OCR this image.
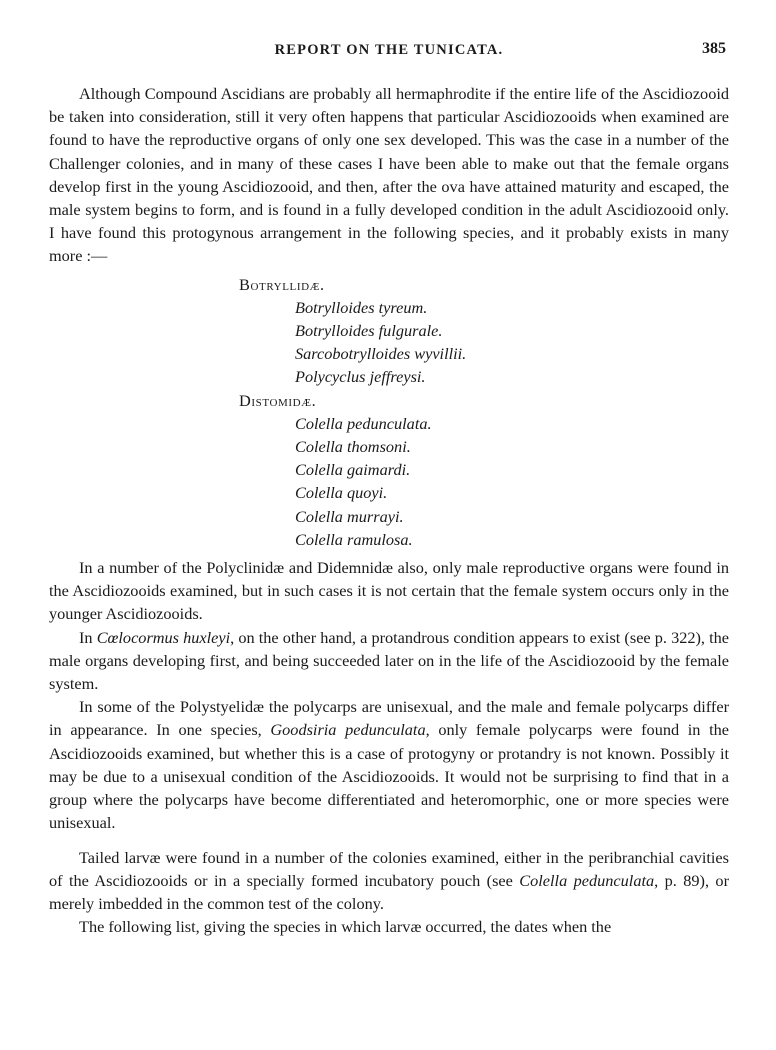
REPORT ON THE TUNICATA.	385

Although Compound Ascidians are probably all hermaphrodite if the entire life of the Ascidiozooid be taken into consideration, still it very often happens that particular Ascidiozooids when examined are found to have the reproductive organs of only one sex developed. This was the case in a number of the Challenger colonies, and in many of these cases I have been able to make out that the female organs develop first in the young Ascidiozooid, and then, after the ova have attained maturity and escaped, the male system begins to form, and is found in a fully developed condition in the adult Ascidiozooid only. I have found this protogynous arrangement in the following species, and it probably exists in many more :—

Botryllidæ.
Botrylloides tyreum.
Botrylloides fulgurale.
Sarcobotrylloides wyvillii.
Polycyclus jeffreysi.
Distomidæ.
Colella pedunculata.
Colella thomsoni.
Colella gaimardi.
Colella quoyi.
Colella murrayi.
Colella ramulosa.

In a number of the Polyclinidæ and Didemnidæ also, only male reproductive organs were found in the Ascidiozooids examined, but in such cases it is not certain that the female system occurs only in the younger Ascidiozooids.

In Cœlocormus huxleyi, on the other hand, a protandrous condition appears to exist (see p. 322), the male organs developing first, and being succeeded later on in the life of the Ascidiozooid by the female system.

In some of the Polystyelidæ the polycarps are unisexual, and the male and female polycarps differ in appearance. In one species, Goodsiria pedunculata, only female polycarps were found in the Ascidiozooids examined, but whether this is a case of protogyny or protandry is not known. Possibly it may be due to a unisexual condition of the Ascidiozooids. It would not be surprising to find that in a group where the polycarps have become differentiated and heteromorphic, one or more species were unisexual.

Tailed larvæ were found in a number of the colonies examined, either in the peribranchial cavities of the Ascidiozooids or in a specially formed incubatory pouch (see Colella pedunculata, p. 89), or merely imbedded in the common test of the colony.

The following list, giving the species in which larvæ occurred, the dates when the
